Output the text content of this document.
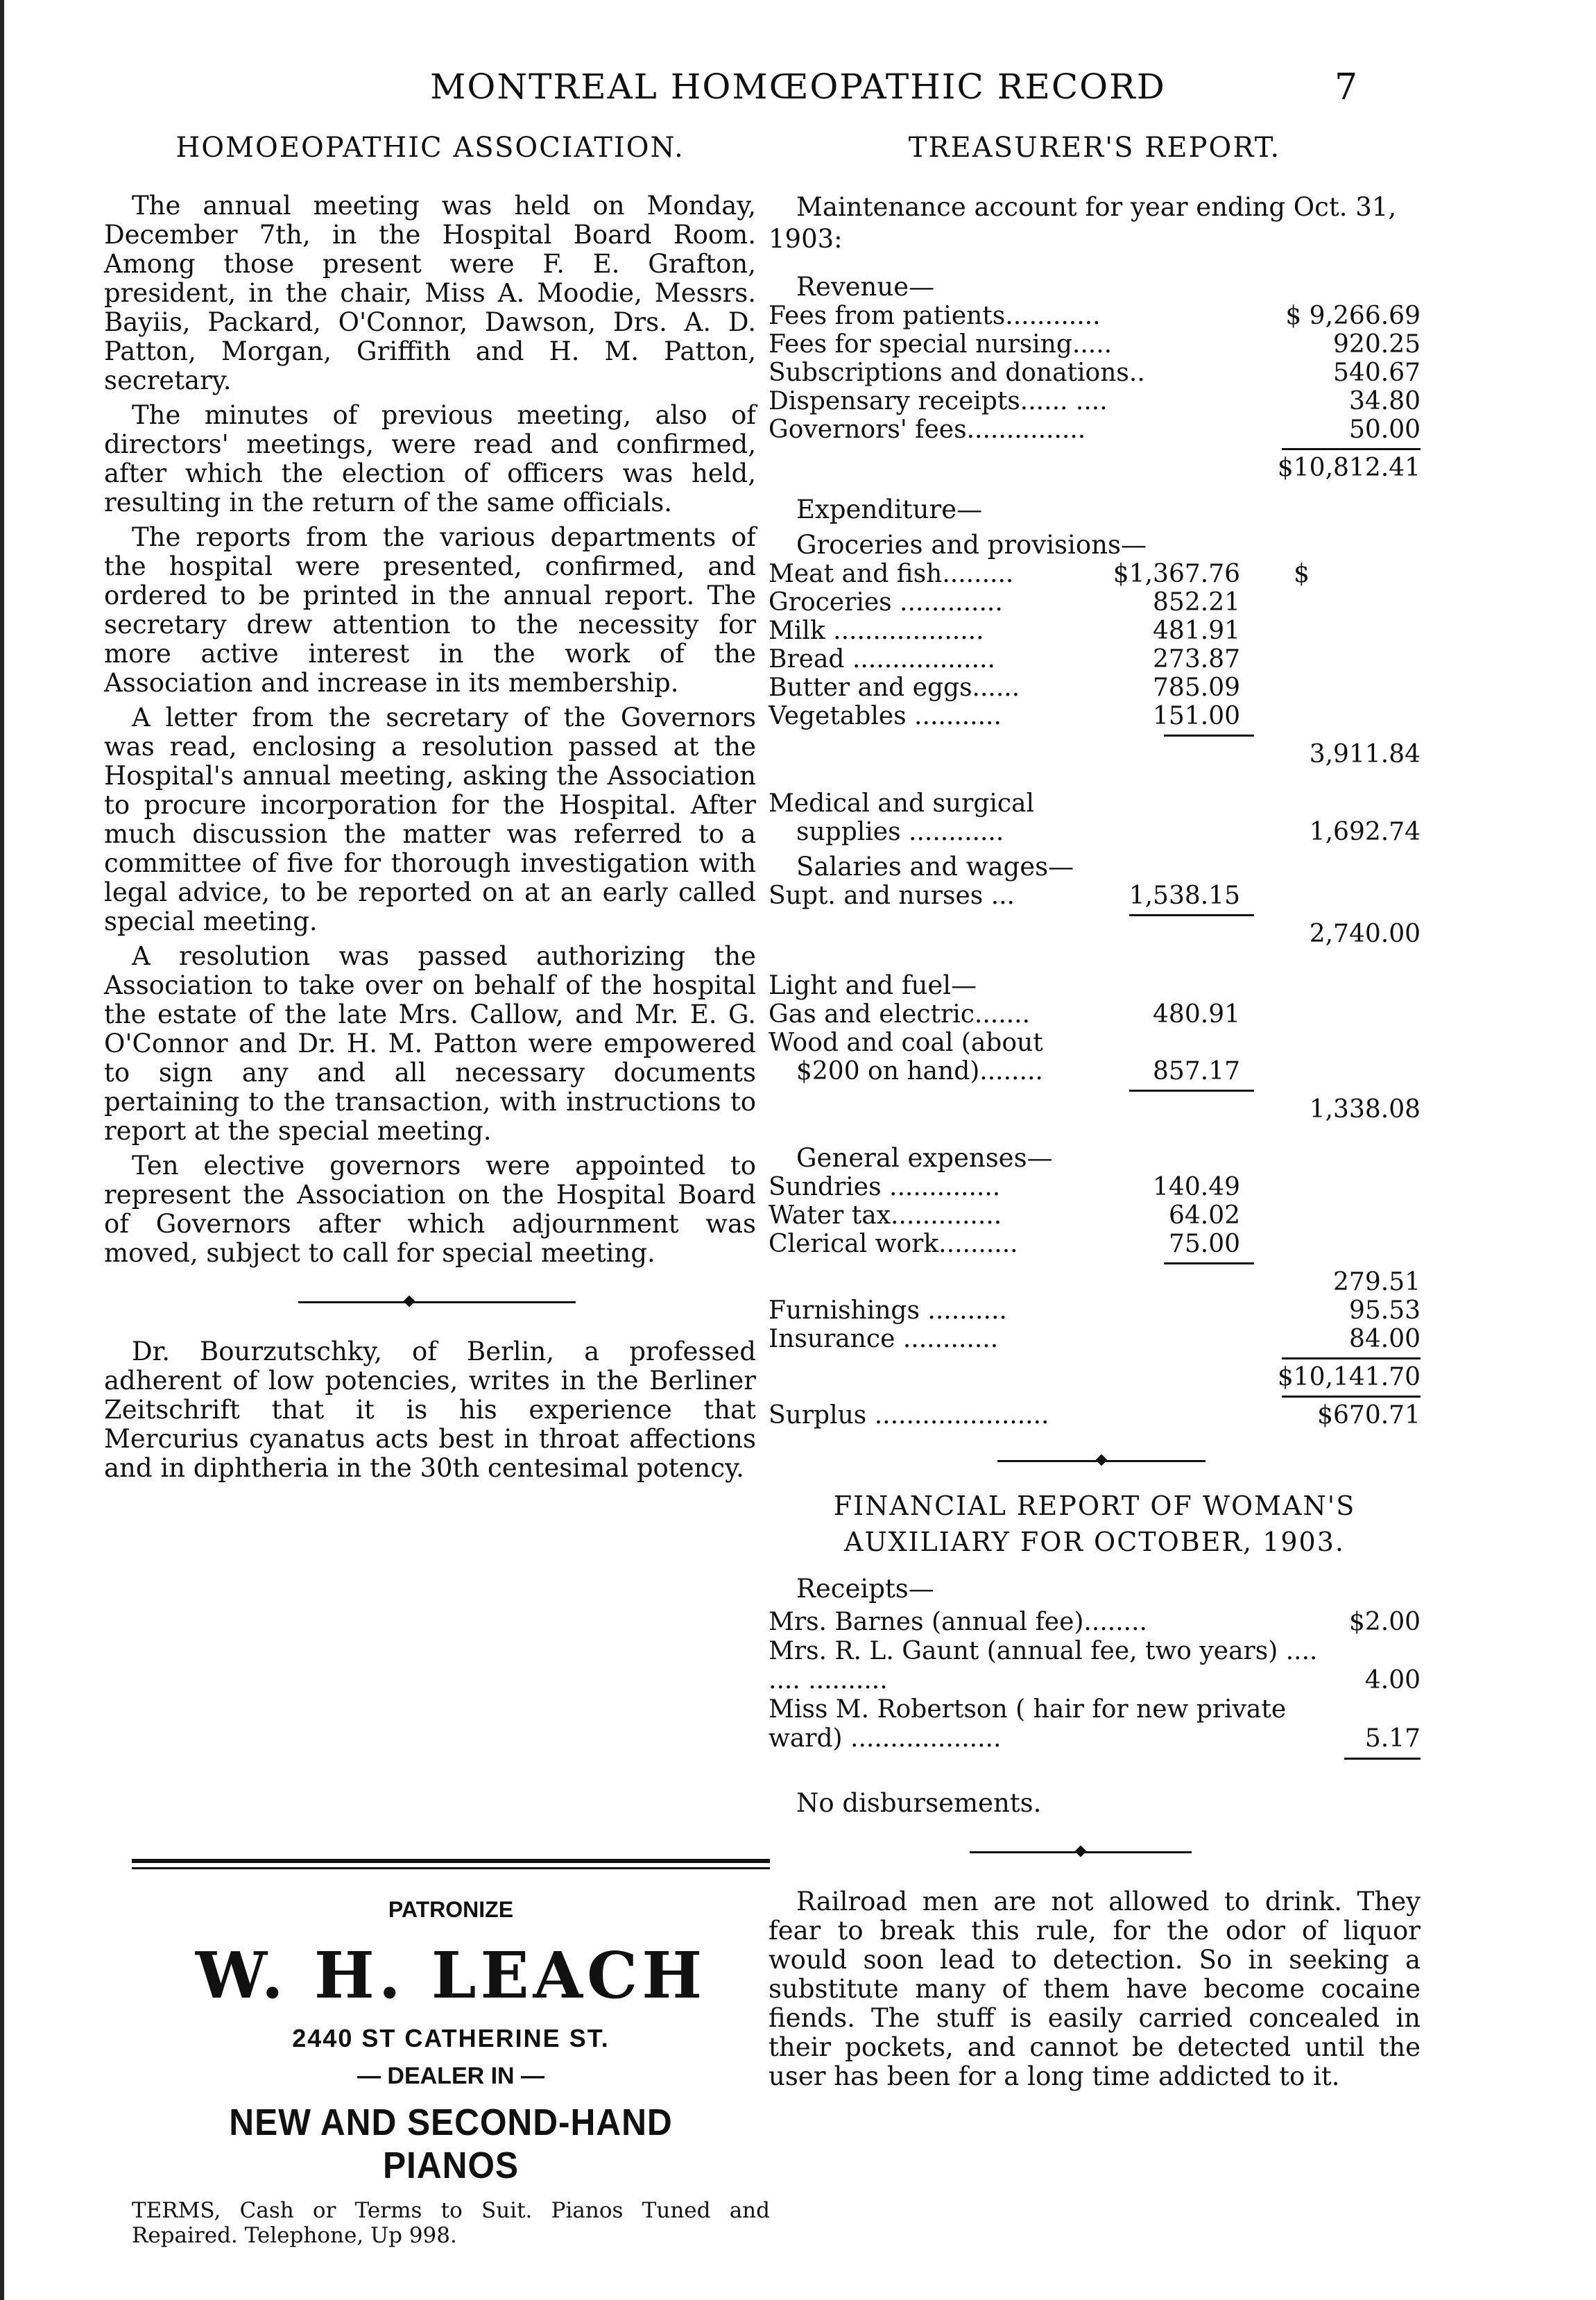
MONTREAL HOMŒOPATHIC RECORD	7
HOMOEOPATHIC ASSOCIATION.

The annual meeting was held on Monday, December 7th, in the Hospital Board Room. Among those present were F. E. Grafton, president, in the chair, Miss A. Moodie, Messrs. Bayiis, Packard, O'Connor, Dawson, Drs. A. D. Patton, Morgan, Griffith and H. M. Patton, secretary.

The minutes of previous meeting, also of directors' meetings, were read and confirmed, after which the election of officers was held, resulting in the return of the same officials.

The reports from the various departments of the hospital were presented, confirmed, and ordered to be printed in the annual report. The secretary drew attention to the necessity for more active interest in the work of the Association and increase in its membership.

A letter from the secretary of the Governors was read, enclosing a resolution passed at the Hospital's annual meeting, asking the Association to procure incorporation for the Hospital. After much discussion the matter was referred to a committee of five for thorough investigation with legal advice, to be reported on at an early called special meeting.

A resolution was passed authorizing the Association to take over on behalf of the hospital the estate of the late Mrs. Callow, and Mr. E. G. O'Connor and Dr. H. M. Patton were empowered to sign any and all necessary documents pertaining to the transaction, with instructions to report at the special meeting.

Ten elective governors were appointed to represent the Association on the Hospital Board of Governors after which adjournment was moved, subject to call for special meeting.

Dr. Bourzutschky, of Berlin, a professed adherent of low potencies, writes in the Berliner Zeitschrift that it is his experience that Mercurius cyanatus acts best in throat affections and in diphtheria in the 30th centesimal potency.

PATRONIZE
W. H. LEACH
2440 ST CATHERINE ST.
— DEALER IN —
NEW AND SECOND-HAND PIANOS
TERMS, Cash or Terms to Suit. Pianos Tuned and Repaired. Telephone, Up 998.
TREASURER'S REPORT.

Maintenance account for year ending Oct. 31, 1903:

Revenue—
Fees from patients............	$ 9,266.69
Fees for special nursing.....	920.25
Subscriptions and donations..	540.67
Dispensary receipts...... ....	34.80
Governors' fees...............	50.00
$10,812.41
Expenditure—
Groceries and provisions—
Meat and fish.........	$1,367.76 $
Groceries .............	852.21
Milk ...................	481.91
Bread ..................	273.87
Butter and eggs......	785.09
Vegetables ...........	151.00
3,911.84
Medical and surgical
supplies ............	1,692.74
Salaries and wages—
Supt. and nurses ...	1,538.15
2,740.00
Light and fuel—
Gas and electric.......	480.91
Wood and coal (about
$200 on hand)........	857.17
1,338.08
General expenses—
Sundries ..............	140.49
Water tax..............	64.02
Clerical work..........	75.00
279.51
Furnishings ..........	95.53
Insurance ............	84.00
$10,141.70
Surplus ......................	$670.71
FINANCIAL REPORT OF WOMAN'S
AUXILIARY FOR OCTOBER, 1903.
Receipts—
Mrs. Barnes (annual fee)........	$2.00
Mrs. R. L. Gaunt (annual fee, two years) .... .... ..........	4.00
Miss M. Robertson ( hair for new private ward) ...................	5.17
No disbursements.

Railroad men are not allowed to drink. They fear to break this rule, for the odor of liquor would soon lead to detection. So in seeking a substitute many of them have become cocaine fiends. The stuff is easily carried concealed in their pockets, and cannot be detected until the user has been for a long time addicted to it.
